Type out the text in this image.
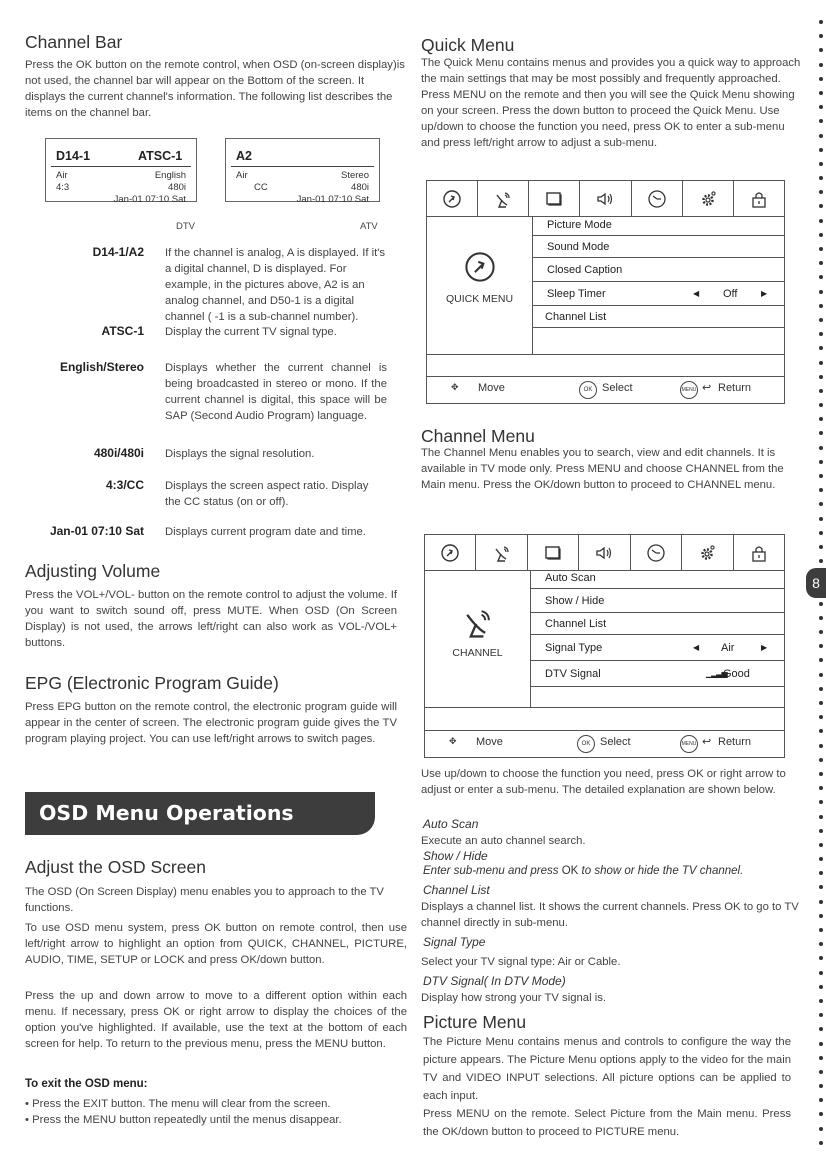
Channel Bar

Press the OK button on the remote control, when OSD (on-screen display)is not used, the channel bar will appear on the Bottom of the screen. It displays the current channel's information. The following list describes the items on the channel bar.

D14-1	ATSC-1
Air	English
4:3	480i
Jan-01 07:10 Sat
DTV
A2
Air	Stereo
CC	480i
Jan-01 07:10 Sat
ATV
D14-1/A2 If the channel is analog, A is displayed. If it's a digital channel, D is displayed. For example, in the pictures above, A2 is an analog channel, and D50-1 is a digital channel ( -1 is a sub-channel number).

ATSC-1 Display the current TV signal type.

English/Stereo Displays whether the current channel is being broadcasted in stereo or mono. If the current channel is digital, this space will be SAP (Second Audio Program) language.

480i/480i Displays the signal resolution.

4:3/CC Displays the screen aspect ratio. Display the CC status (on or off).

Jan-01 07:10 Sat Displays current program date and time.

Adjusting Volume

Press the VOL+/VOL- button on the remote control to adjust the volume. If you want to switch sound off, press MUTE. When OSD (On Screen Display) is not used, the arrows left/right can also work as VOL-/VOL+ buttons.

EPG (Electronic Program Guide)

Press EPG button on the remote control, the electronic program guide will appear in the center of screen. The electronic program guide gives the TV program playing project. You can use left/right arrows to switch pages.

OSD Menu Operations
Adjust the OSD Screen

The OSD (On Screen Display) menu enables you to approach to the TV functions.

To use OSD menu system, press OK button on remote control, then use left/right arrow to highlight an option from QUICK, CHANNEL, PICTURE, AUDIO, TIME, SETUP or LOCK and press OK/down button.

Press the up and down arrow to move to a different option within each menu. If necessary, press OK or right arrow to display the choices of the option you've highlighted. If available, use the text at the bottom of each screen for help. To return to the previous menu, press the MENU button.

To exit the OSD menu:

• Press the EXIT button. The menu will clear from the screen.

• Press the MENU button repeatedly until the menus disappear.

Quick Menu

The Quick Menu contains menus and provides you a quick way to approach the main settings that may be most possibly and frequently approached. Press MENU on the remote and then you will see the Quick Menu showing on your screen. Press the down button to proceed the Quick Menu. Use up/down to choose the function you need, press OK to enter a sub-menu and press left/right arrow to adjust a sub-menu.

QUICK MENU
Picture Mode
Sound Mode
Closed Caption
Sleep Timer	◀ Off	▶
Channel List
✥ Move	OK Select	MENU ↩ Return
Channel Menu

The Channel Menu enables you to search, view and edit channels. It is available in TV mode only. Press MENU and choose CHANNEL from the Main menu. Press the OK/down button to proceed to CHANNEL menu.

CHANNEL
Auto Scan
Show / Hide
Channel List
Signal Type	◀ Air	▶
DTV Signal	▁▂▃▅
Good
✥ Move	OK Select	MENU ↩ Return

Use up/down to choose the function you need, press OK or right arrow to adjust or enter a sub-menu. The detailed explanation are shown below.

Auto Scan

Execute an auto channel search.

Show / Hide

Enter sub-menu and press OK to show or hide the TV channel.

Channel List

Displays a channel list. It shows the current channels. Press OK to go to TV channel directly in sub-menu.

Signal Type

Select your TV signal type: Air or Cable.

DTV Signal( In DTV Mode)

Display how strong your TV signal is.

Picture Menu

The Picture Menu contains menus and controls to configure the way the picture appears. The Picture Menu options apply to the video for the main TV and VIDEO INPUT selections. All picture options can be applied to each input.

Press MENU on the remote. Select Picture from the Main menu. Press the OK/down button to proceed to PICTURE menu.

8
